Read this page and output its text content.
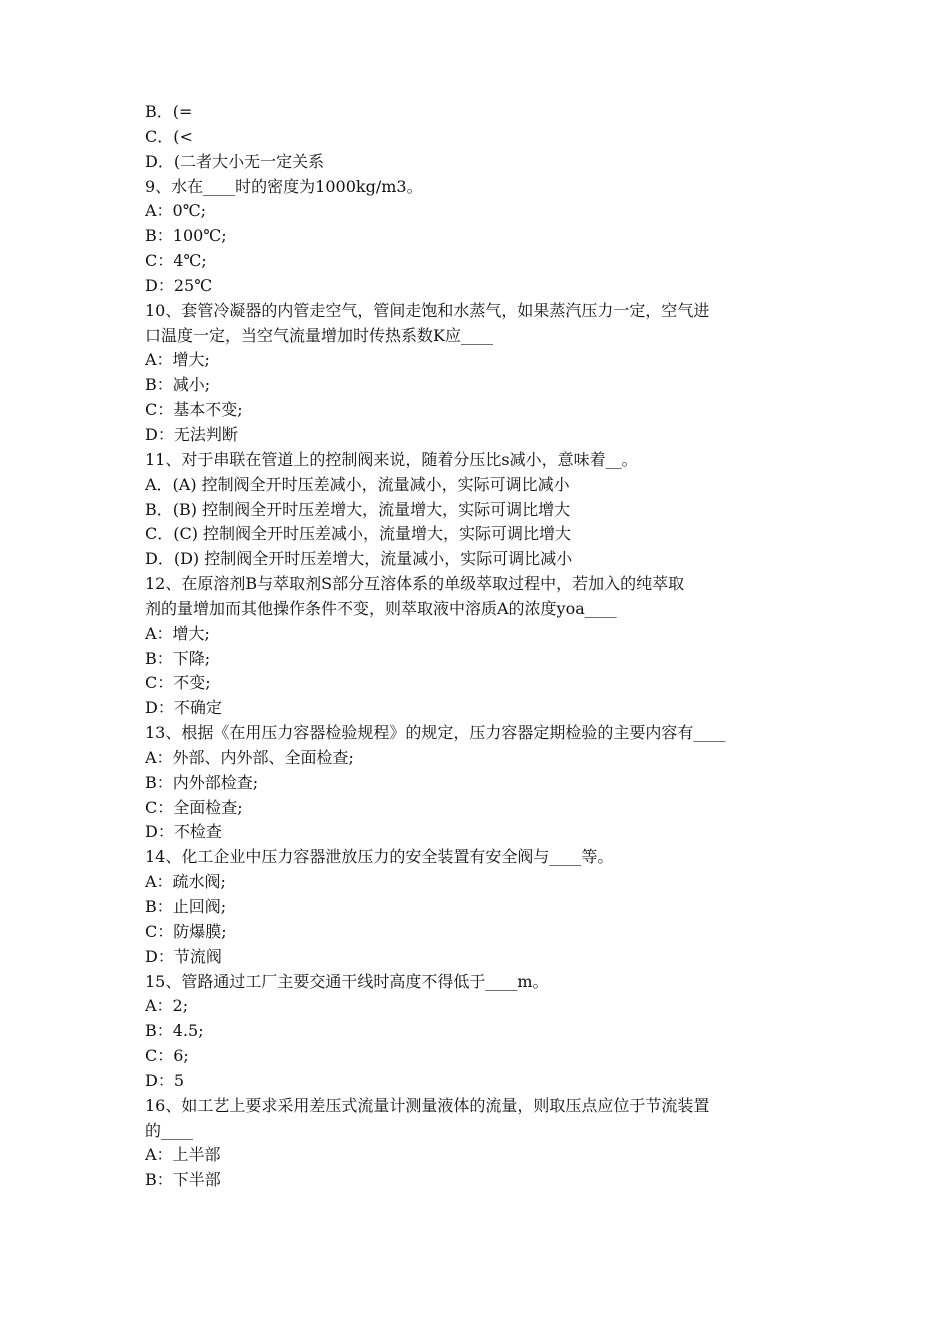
B．(=
C．(<
D．(二者大小无一定关系
9、水在____时的密度为1000kg/m3。
A：0℃;
B：100℃;
C：4℃;
D：25℃
10、套管冷凝器的内管走空气，管间走饱和水蒸气，如果蒸汽压力一定，空气进
口温度一定，当空气流量增加时传热系数K应____
A：增大;
B：减小;
C：基本不变;
D：无法判断
11、对于串联在管道上的控制阀来说，随着分压比s减小，意味着__。
A．(A) 控制阀全开时压差减小，流量减小，实际可调比减小
B．(B) 控制阀全开时压差增大，流量增大，实际可调比增大
C．(C) 控制阀全开时压差减小，流量增大，实际可调比增大
D．(D) 控制阀全开时压差增大，流量减小，实际可调比减小
12、在原溶剂B与萃取剂S部分互溶体系的单级萃取过程中，若加入的纯萃取
剂的量增加而其他操作条件不变，则萃取液中溶质A的浓度yoa____
A：增大;
B：下降;
C：不变;
D：不确定
13、根据《在用压力容器检验规程》的规定，压力容器定期检验的主要内容有____
A：外部、内外部、全面检查;
B：内外部检查;
C：全面检查;
D：不检查
14、化工企业中压力容器泄放压力的安全装置有安全阀与____等。
A：疏水阀;
B：止回阀;
C：防爆膜;
D：节流阀
15、管路通过工厂主要交通干线时高度不得低于____m。
A：2;
B：4.5;
C：6;
D：5
16、如工艺上要求采用差压式流量计测量液体的流量，则取压点应位于节流装置
的____
A：上半部
B：下半部
